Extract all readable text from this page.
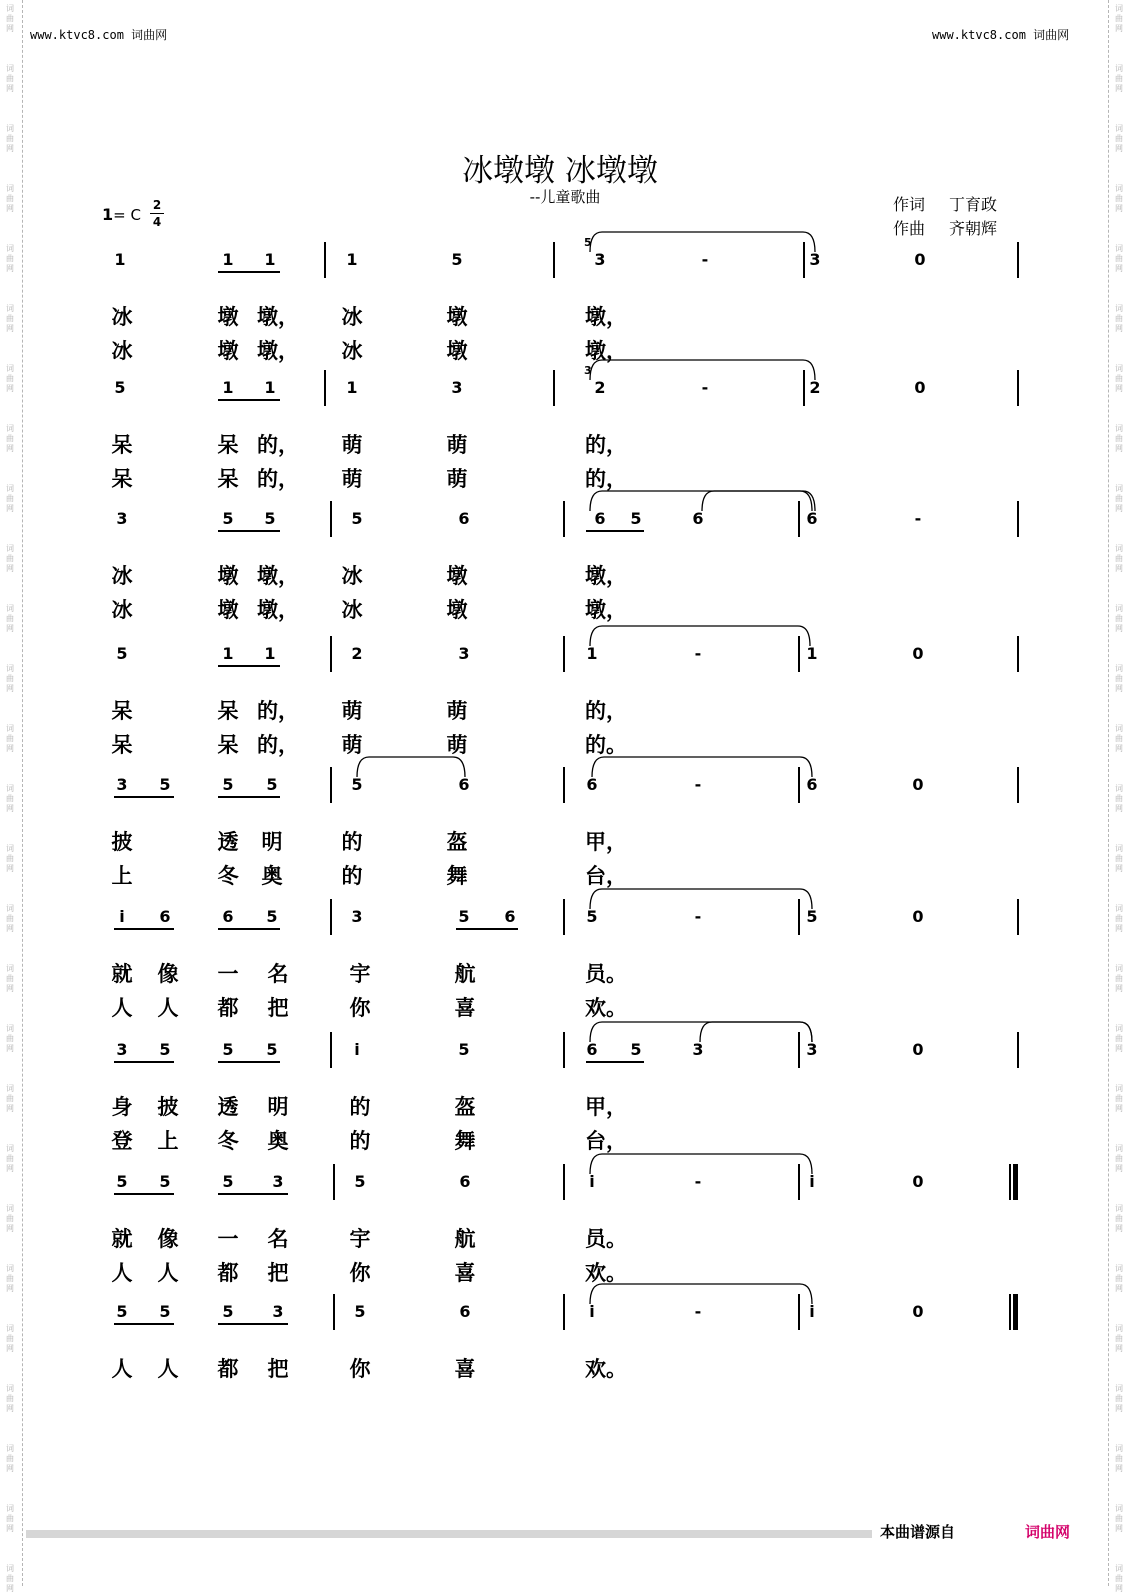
词
曲
网
词
曲
网
词
曲
网
词
曲
网
词
曲
网
词
曲
网
词
曲
网
词
曲
网
词
曲
网
词
曲
网
词
曲
网
词
曲
网
词
曲
网
词
曲
网
词
曲
网
词
曲
网
词
曲
网
词
曲
网
词
曲
网
词
曲
网
词
曲
网
词
曲
网
词
曲
网
词
曲
网
词
曲
网
词
曲
网
词
曲
网
词
曲
网
词
曲
网
词
曲
网
词
曲
网
词
曲
网
词
曲
网
词
曲
网
词
曲
网
词
曲
网
词
曲
网
词
曲
网
词
曲
网
词
曲
网
词
曲
网
词
曲
网
词
曲
网
词
曲
网
词
曲
网
词
曲
网
词
曲
网
词
曲
网
词
曲
网
词
曲
网
词
曲
网
词
曲
网
词
曲
网
词
曲
网
www.ktvc8.com 词曲网	www.ktvc8.com 词曲网
冰墩墩 冰墩墩
--儿童歌曲	作词 丁育政
作曲 齐朝辉
1= C
2
4
1	1 1	1	5	3	-	3	0
5
冰	墩 墩， 冰	墩	墩，
冰	墩 墩， 冰	墩	墩，
5	1 1	1	3	2	-	2	0
3
呆	呆 的， 萌	萌	的，
呆	呆 的， 萌	萌	的，
3	5 5	5	6	6 5	6	6	-
冰	墩 墩， 冰	墩	墩，
冰	墩 墩， 冰	墩	墩，
5	1 1	2	3	1	-	1	0
呆	呆 的， 萌	萌	的，
呆	呆 的， 萌	萌	的。
3 5	5 5	5	6	6	-	6	0
披	透 明	的	盔	甲，
上	冬 奥	的	舞	台，
i	6	6 5	3	5 6	5	-	5	0
就 像 一 名	宇	航	员。
人 人 都 把	你	喜	欢。
3 5	5 5	i	5	6 5	3	3	0
身 披 透 明	的	盔	甲，
登 上 冬 奥	的	舞	台，
5 5	5 3	5	6	i	-	i	0
就 像 一 名	宇	航	员。
人 人 都 把	你	喜	欢。
5 5	5 3	5	6	i	-	i	0
人 人 都 把	你	喜	欢。
本曲谱源自	词曲网
